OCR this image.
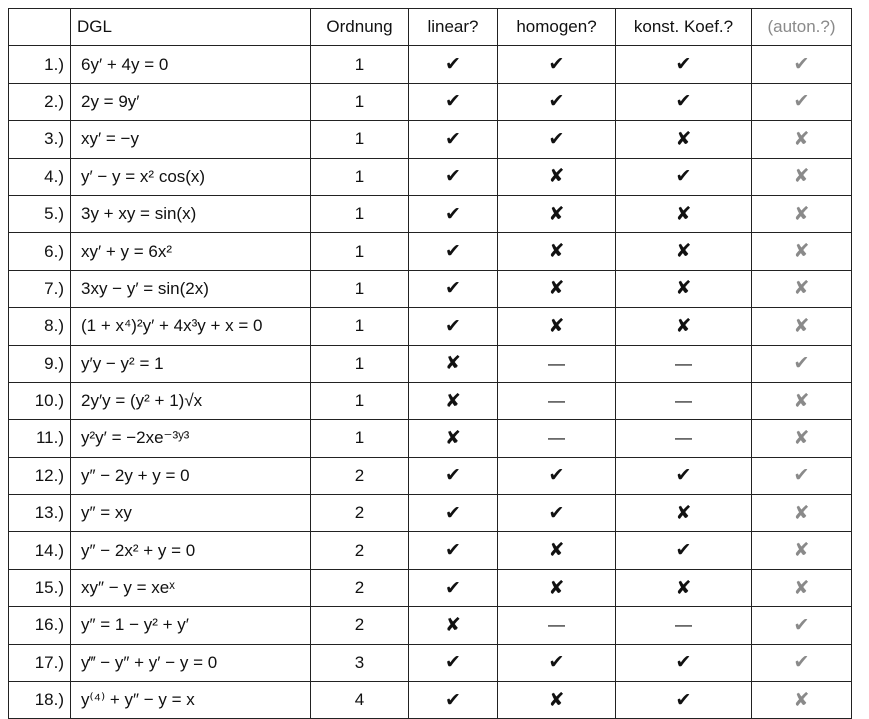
	DGL	Ordnung	linear?	homogen?	konst. Koef.?	(auton.?)
1.)	6y′ + 4y = 0	1	✔	✔	✔	✔
2.)	2y = 9y′	1	✔	✔	✔	✔
3.)	xy′ = −y	1	✔	✔	✘	✘
4.)	y′ − y = x² cos(x)	1	✔	✘	✔	✘
5.)	3y + xy = sin(x)	1	✔	✘	✘	✘
6.)	xy′ + y = 6x²	1	✔	✘	✘	✘
7.)	3xy − y′ = sin(2x)	1	✔	✘	✘	✘
8.)	(1 + x⁴)²y′ + 4x³y + x = 0	1	✔	✘	✘	✘
9.)	y′y − y² = 1	1	✘	—	—	✔
10.)	2y′y = (y² + 1)√x	1	✘	—	—	✘
11.)	y²y′ = −2xe⁻³ʸ³	1	✘	—	—	✘
12.)	y″ − 2y + y = 0	2	✔	✔	✔	✔
13.)	y″ = xy	2	✔	✔	✘	✘
14.)	y″ − 2x² + y = 0	2	✔	✘	✔	✘
15.)	xy″ − y = xeˣ	2	✔	✘	✘	✘
16.)	y″ = 1 − y² + y′	2	✘	—	—	✔
17.)	y‴ − y″ + y′ − y = 0	3	✔	✔	✔	✔
18.)	y⁽⁴⁾ + y″ − y = x	4	✔	✘	✔	✘
